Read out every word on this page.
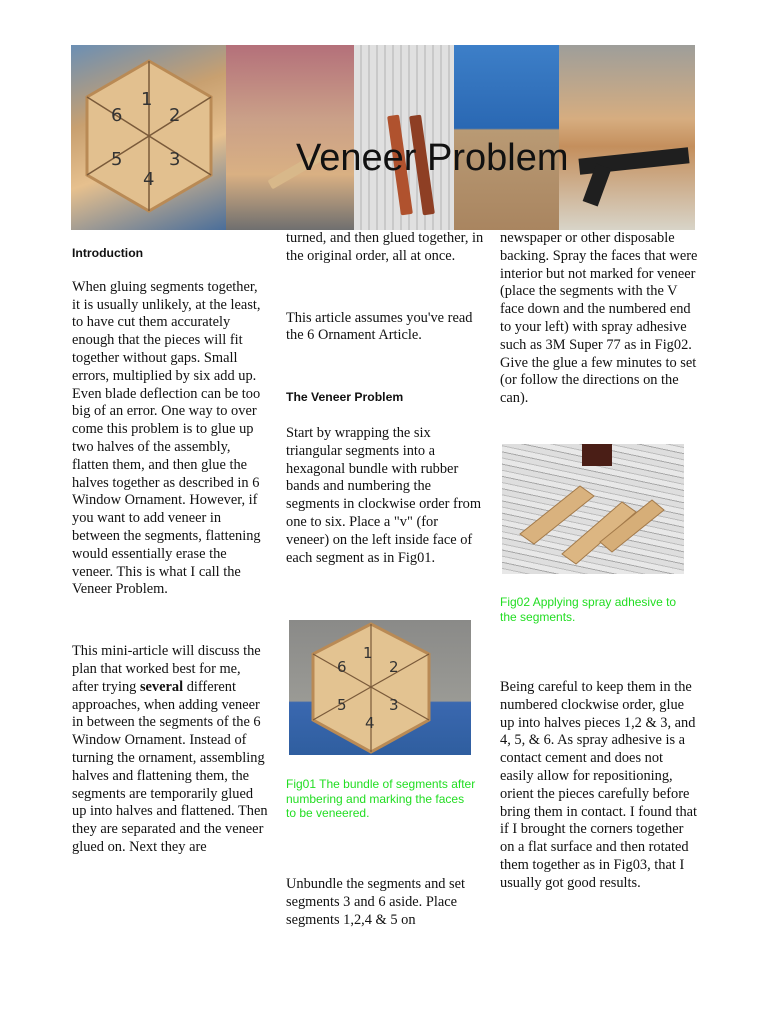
1
2
3
4
5
6
Veneer Problem

Introduction

When gluing segments together, it is usually unlikely, at the least, to have cut them accurately enough that the pieces will fit together without gaps. Small errors, multiplied by six add up. Even blade deflection can be too big of an error. One way to over come this problem is to glue up two halves of the assembly, flatten them, and then glue the halves together as described in 6 Window Ornament. However, if you want to add veneer in between the segments, flattening would essentially erase the veneer. This is what I call the Veneer Problem.

This mini-article will discuss the plan that worked best for me, after trying several different approaches, when adding veneer in between the segments of the 6 Window Ornament. Instead of turning the ornament, assembling halves and flattening them, the segments are temporarily glued up into halves and flattened. Then they are separated and the veneer glued on. Next they are

turned, and then glued together, in the original order, all at once.

This article assumes you've read the 6 Ornament Article.

The Veneer Problem

Start by wrapping the six triangular segments into a hexagonal bundle with rubber bands and numbering the segments in clockwise order from one to six. Place a "v" (for veneer) on the left inside face of each segment as in Fig01.

1
2
3
4
5
6
Fig01 The bundle of segments after numbering and marking the faces to be veneered.
Unbundle the segments and set segments 3 and 6 aside. Place segments 1,2,4 & 5 on
newspaper or other disposable backing. Spray the faces that were interior but not marked for veneer (place the segments with the V face down and the numbered end to your left) with spray adhesive such as 3M Super 77 as in Fig02. Give the glue a few minutes to set (or follow the directions on the can).
Fig02 Applying spray adhesive to the segments.
Being careful to keep them in the numbered clockwise order, glue up into halves pieces 1,2 & 3, and 4, 5, & 6. As spray adhesive is a contact cement and does not easily allow for repositioning, orient the pieces carefully before bring them in contact. I found that if I brought the corners together on a flat surface and then rotated them together as in Fig03, that I usually got good results.
